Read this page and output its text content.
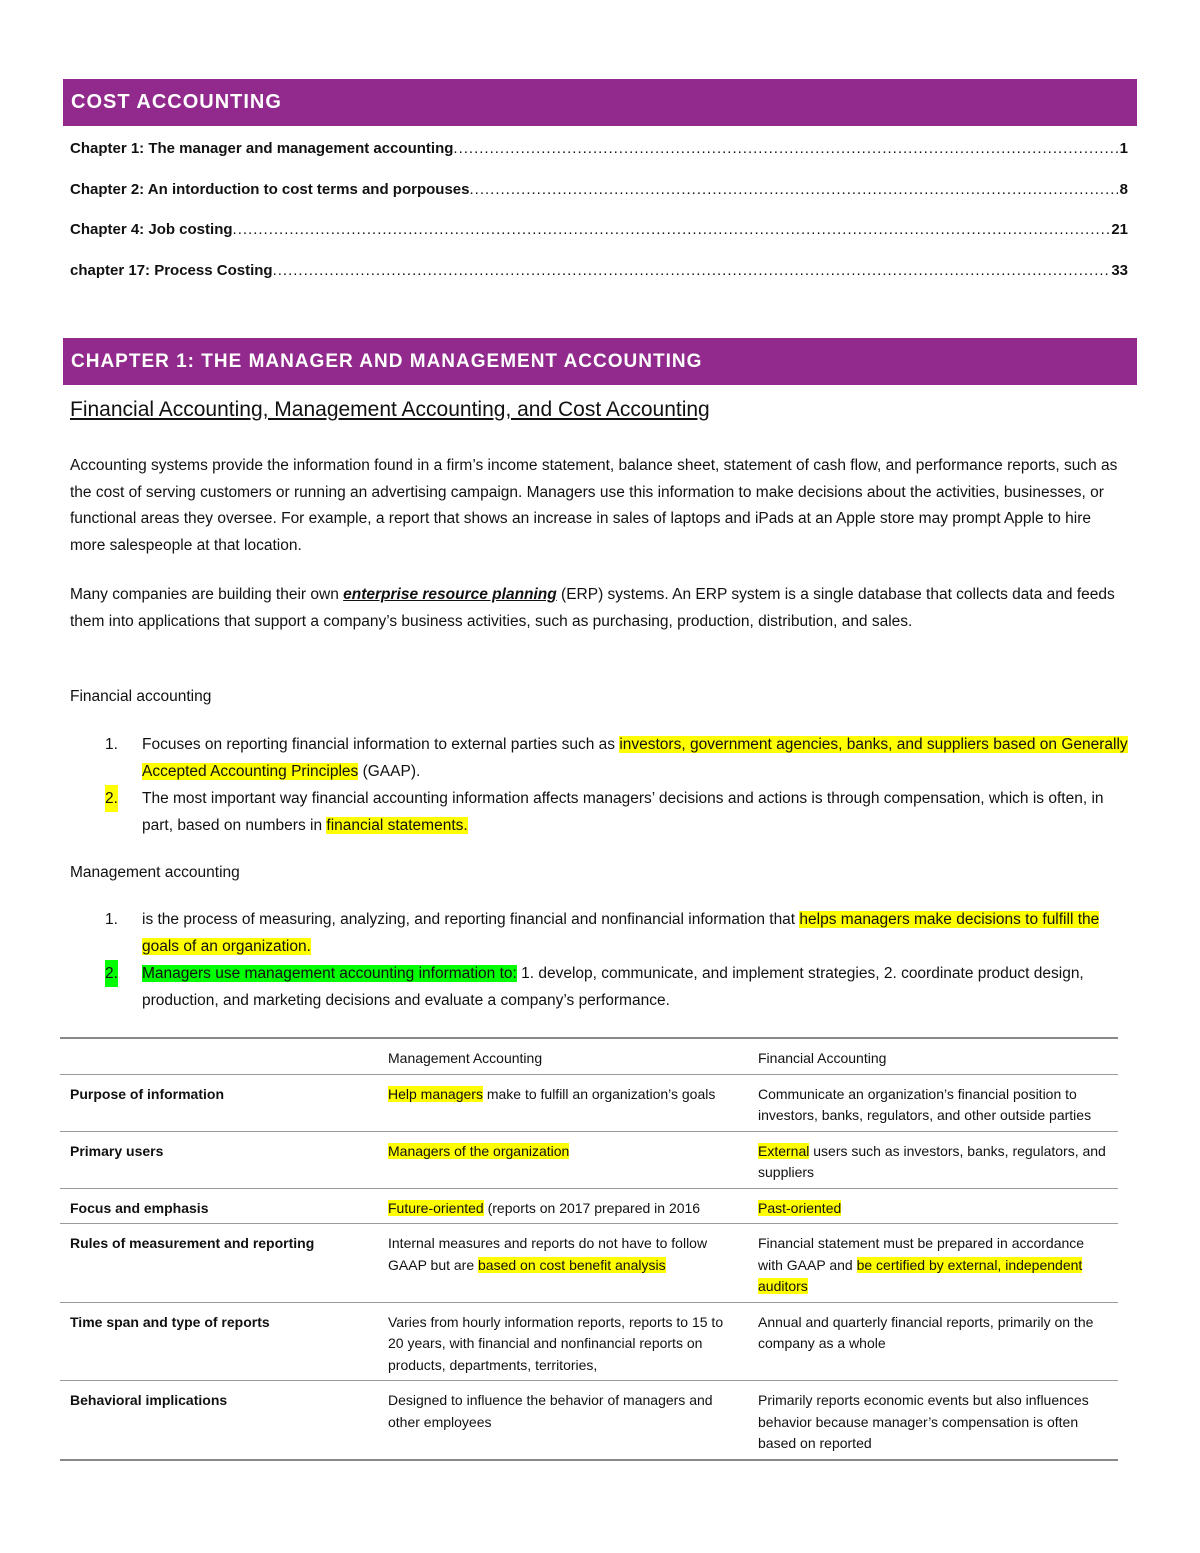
COST ACCOUNTING
Chapter 1: The manager and management accounting .....	1
Chapter 2: An intorduction to cost terms and porpouses .....	8
Chapter 4: Job costing .....	21
chapter 17: Process Costing .....	33
CHAPTER 1: THE MANAGER AND MANAGEMENT ACCOUNTING
Financial Accounting, Management Accounting, and Cost Accounting
Accounting systems provide the information found in a firm’s income statement, balance sheet, statement of cash flow, and performance reports, such as the cost of serving customers or running an advertising campaign. Managers use this information to make decisions about the activities, businesses, or functional areas they oversee. For example, a report that shows an increase in sales of laptops and iPads at an Apple store may prompt Apple to hire more salespeople at that location.
Many companies are building their own enterprise resource planning (ERP) systems. An ERP system is a single database that collects data and feeds them into applications that support a company’s business activities, such as purchasing, production, distribution, and sales.
Financial accounting
1. Focuses on reporting financial information to external parties such as investors, government agencies, banks, and suppliers based on Generally Accepted Accounting Principles (GAAP).
2. The most important way financial accounting information affects managers’ decisions and actions is through compensation, which is often, in part, based on numbers in financial statements.
Management accounting
1. is the process of measuring, analyzing, and reporting financial and nonfinancial information that helps managers make decisions to fulfill the goals of an organization.
2. Managers use management accounting information to: 1. develop, communicate, and implement strategies, 2. coordinate product design, production, and marketing decisions and evaluate a company’s performance.
	Management Accounting	Financial Accounting
Purpose of information	Help managers make to fulfill an organization’s goals	Communicate an organization’s financial position to investors, banks, regulators, and other outside parties
Primary users	Managers of the organization	External users such as investors, banks, regulators, and suppliers
Focus and emphasis	Future-oriented (reports on 2017 prepared in 2016	Past-oriented
Rules of measurement and reporting	Internal measures and reports do not have to follow GAAP but are based on cost benefit analysis	Financial statement must be prepared in accordance with GAAP and be certified by external, independent auditors
Time span and type of reports	Varies from hourly information reports, reports to 15 to 20 years, with financial and nonfinancial reports on products, departments, territories,	Annual and quarterly financial reports, primarily on the company as a whole
Behavioral implications	Designed to influence the behavior of managers and other employees	Primarily reports economic events but also influences behavior because manager’s compensation is often based on reported
